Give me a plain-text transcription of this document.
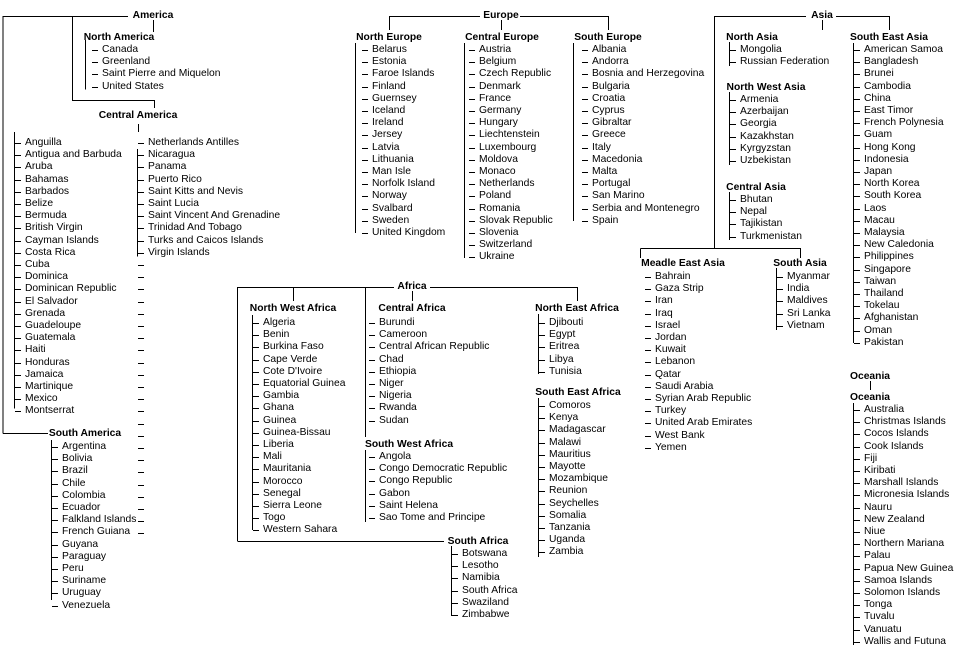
America
North America
Canada
Greenland
Saint Pierre and Miquelon
United States
Central America
Anguilla
Antigua and Barbuda
Aruba
Bahamas
Barbados
Belize
Bermuda
British Virgin
Cayman Islands
Costa Rica
Cuba
Dominica
Dominican Republic
El Salvador
Grenada
Guadeloupe
Guatemala
Haiti
Honduras
Jamaica
Martinique
Mexico
Montserrat
Netherlands Antilles
Nicaragua
Panama
Puerto Rico
Saint Kitts and Nevis
Saint Lucia
Saint Vincent And Grenadine
Trinidad And Tobago
Turks and Caicos Islands
Virgin Islands
South America
Argentina
Bolivia
Brazil
Chile
Colombia
Ecuador
Falkland Islands
French Guiana
Guyana
Paraguay
Peru
Suriname
Uruguay
Venezuela
Europe
North Europe
Belarus
Estonia
Faroe Islands
Finland
Guernsey
Iceland
Ireland
Jersey
Latvia
Lithuania
Man Isle
Norfolk Island
Norway
Svalbard
Sweden
United Kingdom
Central Europe
Austria
Belgium
Czech Republic
Denmark
France
Germany
Hungary
Liechtenstein
Luxembourg
Moldova
Monaco
Netherlands
Poland
Romania
Slovak Republic
Slovenia
Switzerland
Ukraine
South Europe
Albania
Andorra
Bosnia and Herzegovina
Bulgaria
Croatia
Cyprus
Gibraltar
Greece
Italy
Macedonia
Malta
Portugal
San Marino
Serbia and Montenegro
Spain
Asia
North Asia
Mongolia
Russian Federation
North West Asia
Armenia
Azerbaijan
Georgia
Kazakhstan
Kyrgyzstan
Uzbekistan
Central Asia
Bhutan
Nepal
Tajikistan
Turkmenistan
Meadle East Asia
Bahrain
Gaza Strip
Iran
Iraq
Israel
Jordan
Kuwait
Lebanon
Qatar
Saudi Arabia
Syrian Arab Republic
Turkey
United Arab Emirates
West Bank
Yemen
South Asia
Myanmar
India
Maldives
Sri Lanka
Vietnam
South East Asia
American Samoa
Bangladesh
Brunei
Cambodia
China
East Timor
French Polynesia
Guam
Hong Kong
Indonesia
Japan
North Korea
South Korea
Laos
Macau
Malaysia
New Caledonia
Philippines
Singapore
Taiwan
Thailand
Tokelau
Afghanistan
Oman
Pakistan
Africa
North West Africa
Algeria
Benin
Burkina Faso
Cape Verde
Cote D'Ivoire
Equatorial Guinea
Gambia
Ghana
Guinea
Guinea-Bissau
Liberia
Mali
Mauritania
Morocco
Senegal
Sierra Leone
Togo
Western Sahara
Central Africa
Burundi
Cameroon
Central African Republic
Chad
Ethiopia
Niger
Nigeria
Rwanda
Sudan
South West Africa
Angola
Congo Democratic Republic
Congo Republic
Gabon
Saint Helena
Sao Tome and Principe
North East Africa
Djibouti
Egypt
Eritrea
Libya
Tunisia
South East Africa
Comoros
Kenya
Madagascar
Malawi
Mauritius
Mayotte
Mozambique
Reunion
Seychelles
Somalia
Tanzania
Uganda
Zambia
South Africa
Botswana
Lesotho
Namibia
South Africa
Swaziland
Zimbabwe
Oceania
Oceania
Australia
Christmas Islands
Cocos Islands
Cook Islands
Fiji
Kiribati
Marshall Islands
Micronesia Islands
Nauru
New Zealand
Niue
Northern Mariana
Palau
Papua New Guinea
Samoa Islands
Solomon Islands
Tonga
Tuvalu
Vanuatu
Wallis and Futuna
